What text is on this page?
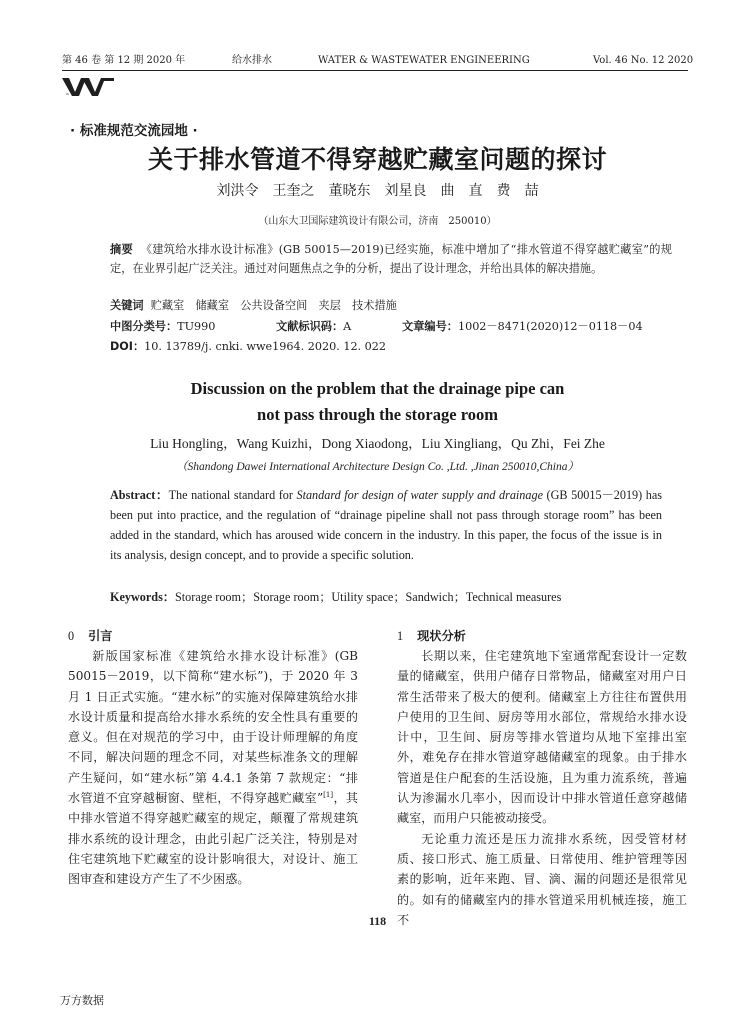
第 46 卷 第 12 期 2020 年	给水排水	WATER & WASTEWATER ENGINEERING	Vol. 46 No. 12 2020
W
· 标准规范交流园地 ·
关于排水管道不得穿越贮藏室问题的探讨
刘洪令　王奎之　董晓东　刘星良　曲　直　费　喆
（山东大卫国际建筑设计有限公司，济南　250010）
摘要 《建筑给水排水设计标准》(GB 50015—2019)已经实施，标准中增加了“排水管道不得穿越贮藏室”的规定，在业界引起广泛关注。通过对问题焦点之争的分析，提出了设计理念，并给出具体的解决措施。
关键词 贮藏室　储藏室　公共设备空间　夹层　技术措施
中图分类号：TU990	文献标识码：A	文章编号：1002－8471(2020)12－0118－04
DOI：10. 13789/j. cnki. wwe1964. 2020. 12. 022
Discussion on the problem that the drainage pipe can
not pass through the storage room
Liu Hongling，Wang Kuizhi，Dong Xiaodong，Liu Xingliang，Qu Zhi，Fei Zhe
（Shandong Dawei International Architecture Design Co. ,Ltd. ,Jinan 250010,China）
Abstract：The national standard for Standard for design of water supply and drainage (GB 50015－2019) has been put into practice, and the regulation of “drainage pipeline shall not pass through storage room” has been added in the standard, which has aroused wide concern in the industry. In this paper, the focus of the issue is in its analysis, design concept, and to provide a specific solution.
Keywords：Storage room；Storage room；Utility space；Sandwich；Technical measures
0 引言	1 现状分析

新版国家标准《建筑给水排水设计标准》(GB 50015－2019，以下简称“建水标”)，于 2020 年 3 月 1 日正式实施。“建水标”的实施对保障建筑给水排水设计质量和提高给水排水系统的安全性具有重要的意义。但在对规范的学习中，由于设计师理解的角度不同，解决问题的理念不同，对某些标准条文的理解产生疑问，如“建水标”第 4.4.1 条第 7 款规定：“排水管道不宜穿越橱窗、壁柜，不得穿越贮藏室”[1]，其中排水管道不得穿越贮藏室的规定，颠覆了常规建筑排水系统的设计理念，由此引起广泛关注，特别是对住宅建筑地下贮藏室的设计影响很大，对设计、施工图审查和建设方产生了不少困惑。

长期以来，住宅建筑地下室通常配套设计一定数量的储藏室，供用户储存日常物品，储藏室对用户日常生活带来了极大的便利。储藏室上方往往布置供用户使用的卫生间、厨房等用水部位，常规给水排水设计中，卫生间、厨房等排水管道均从地下室排出室外，难免存在排水管道穿越储藏室的现象。由于排水管道是住户配套的生活设施，且为重力流系统，普遍认为渗漏水几率小，因而设计中排水管道任意穿越储藏室，而用户只能被动接受。

无论重力流还是压力流排水系统，因受管材材质、接口形式、施工质量、日常使用、维护管理等因素的影响，近年来跑、冒、滴、漏的问题还是很常见的。如有的储藏室内的排水管道采用机械连接，施工不

118
万方数据
